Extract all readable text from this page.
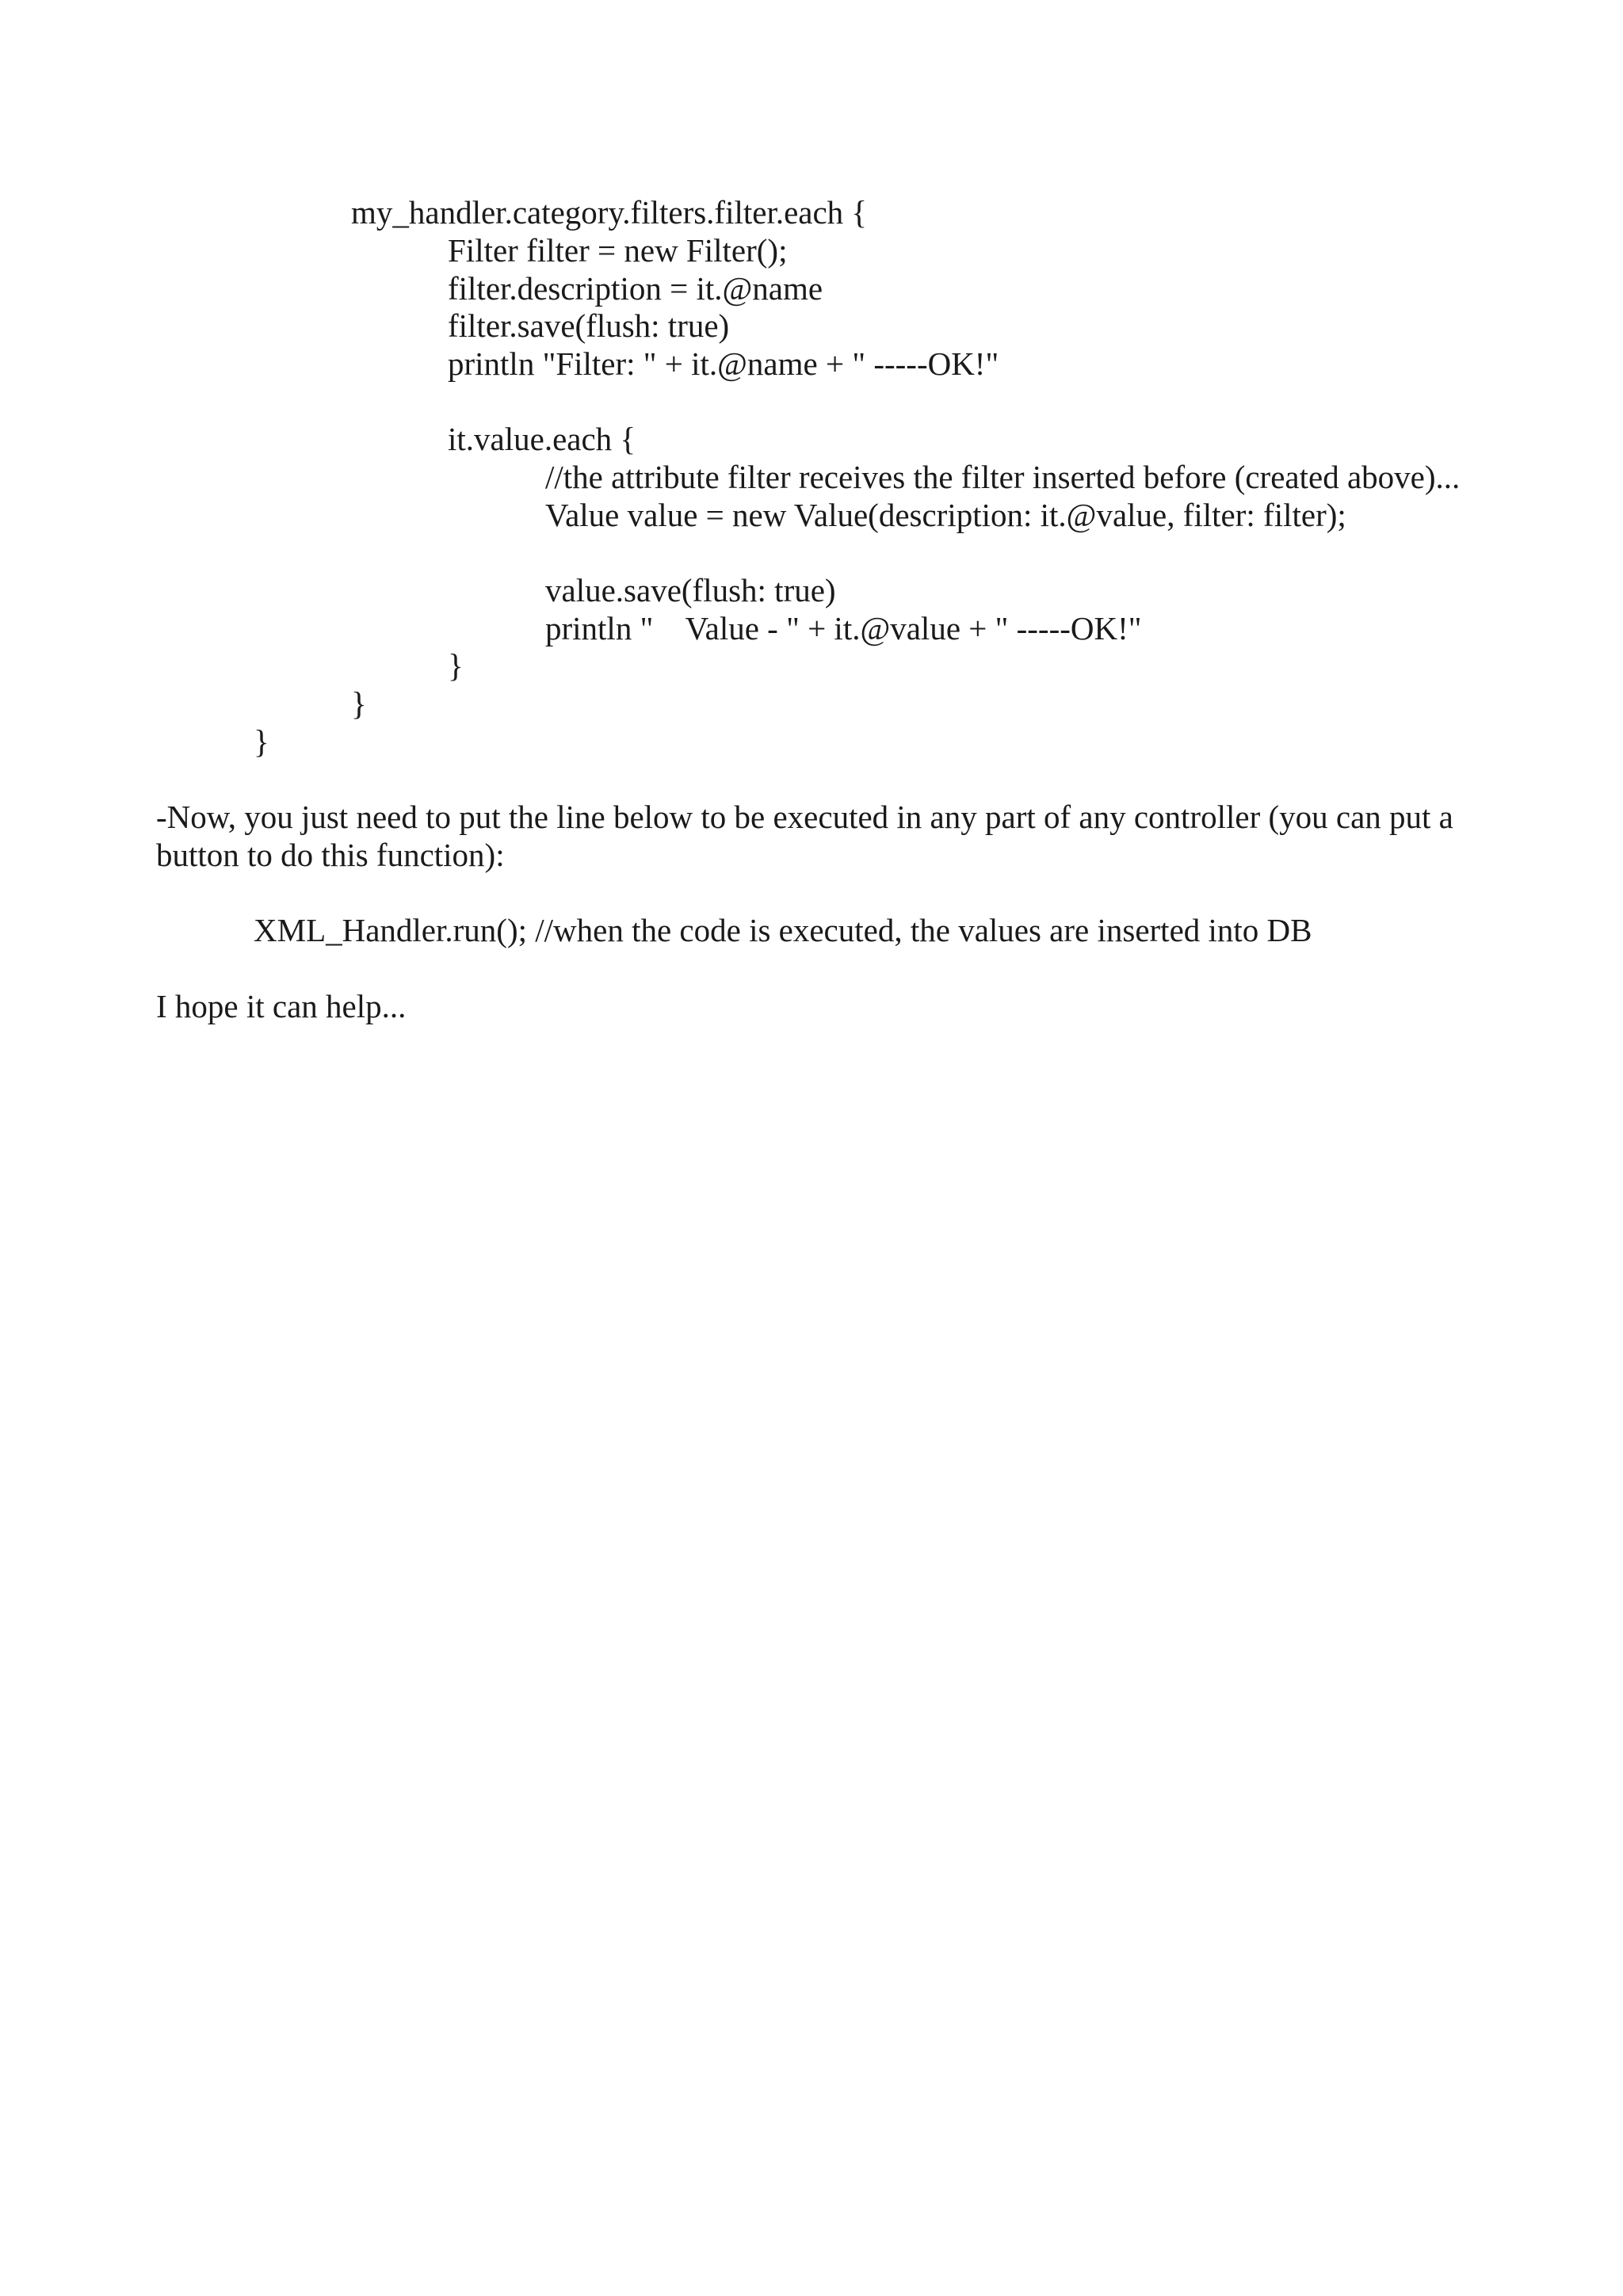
my_handler.category.filters.filter.each {
Filter filter = new Filter();
filter.description = it.@name
filter.save(flush: true)
println "Filter: " + it.@name + " -----OK!"
it.value.each {
//the attribute filter receives the filter inserted before (created above)...
Value value = new Value(description: it.@value, filter: filter);
value.save(flush: true)
println "    Value - " + it.@value + " -----OK!"
}
}
}

-Now, you just need to put the line below to be executed in any part of any controller (you can put a button to do this function):

XML_Handler.run(); //when the code is executed, the values are inserted into DB
I hope it can help...
